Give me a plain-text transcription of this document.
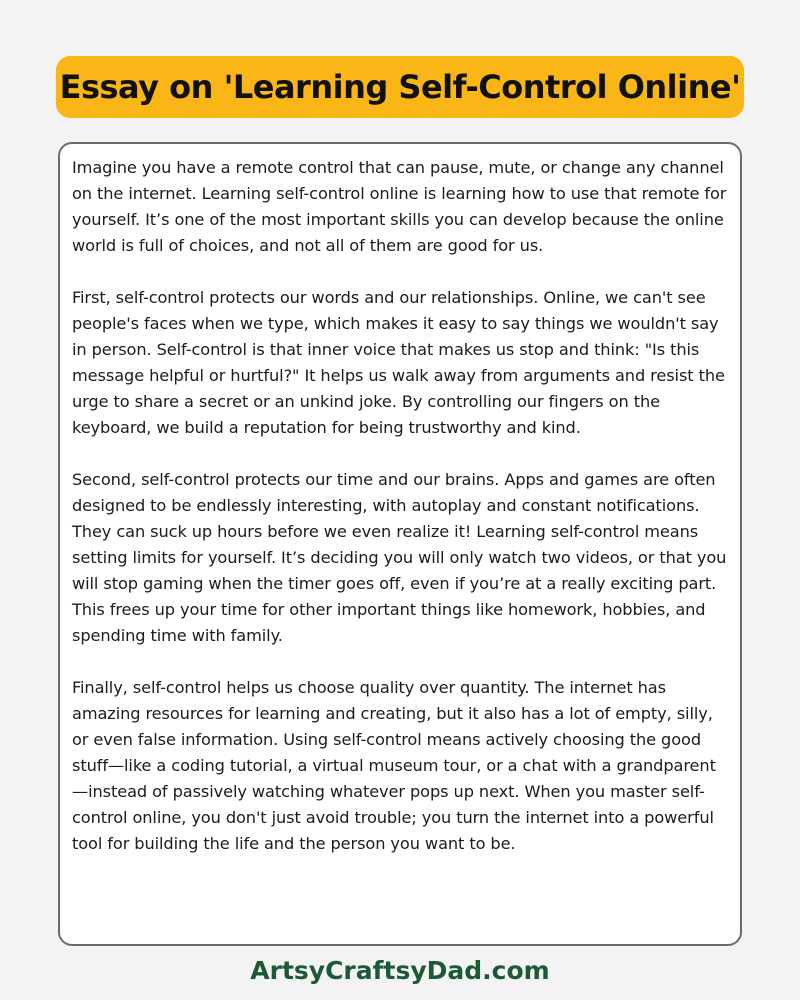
Essay on 'Learning Self-Control Online'

Imagine you have a remote control that can pause, mute, or change any channel on the internet. Learning self-control online is learning how to use that remote for yourself. It’s one of the most important skills you can develop because the online world is full of choices, and not all of them are good for us.

First, self-control protects our words and our relationships. Online, we can't see people's faces when we type, which makes it easy to say things we wouldn't say in person. Self-control is that inner voice that makes us stop and think: "Is this message helpful or hurtful?" It helps us walk away from arguments and resist the urge to share a secret or an unkind joke. By controlling our fingers on the keyboard, we build a reputation for being trustworthy and kind.

Second, self-control protects our time and our brains. Apps and games are often designed to be endlessly interesting, with autoplay and constant notifications. They can suck up hours before we even realize it! Learning self-control means setting limits for yourself. It’s deciding you will only watch two videos, or that you will stop gaming when the timer goes off, even if you’re at a really exciting part. This frees up your time for other important things like homework, hobbies, and spending time with family.

Finally, self-control helps us choose quality over quantity. The internet has amazing resources for learning and creating, but it also has a lot of empty, silly, or even false information. Using self-control means actively choosing the good stuff—like a coding tutorial, a virtual museum tour, or a chat with a grandparent—instead of passively watching whatever pops up next. When you master self-control online, you don't just avoid trouble; you turn the internet into a powerful tool for building the life and the person you want to be.

ArtsyCraftsyDad.com
